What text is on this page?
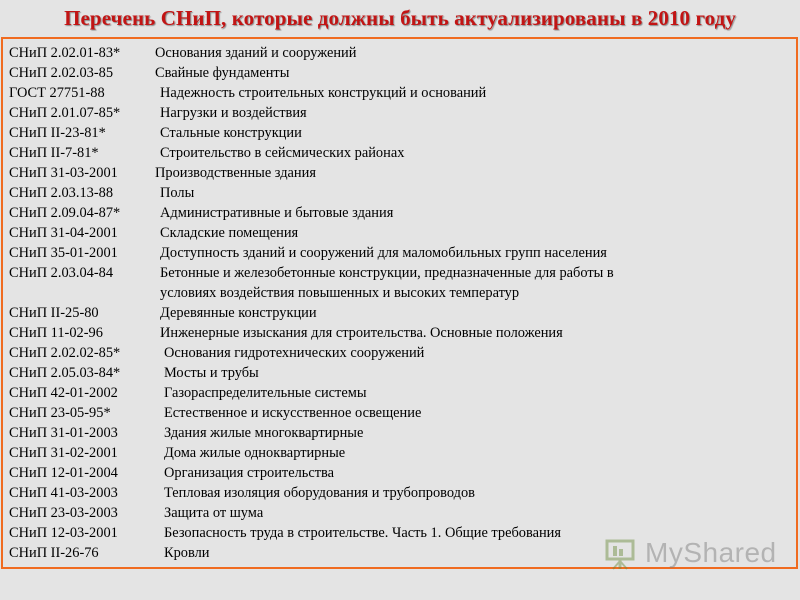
Перечень СНиП, которые должны быть актуализированы в 2010 году
СНиП 2.02.01-83*	Основания зданий и сооружений
СНиП 2.02.03-85	Свайные фундаменты
ГОСТ 27751-88	Надежность строительных конструкций и оснований
СНиП 2.01.07-85*	Нагрузки и воздействия
СНиП II-23-81*	Стальные конструкции
СНиП II-7-81*	Строительство в сейсмических районах
СНиП 31-03-2001	Производственные здания
СНиП 2.03.13-88	Полы
СНиП 2.09.04-87*	Административные и бытовые здания
СНиП 31-04-2001	Складские помещения
СНиП 35-01-2001	Доступность зданий и сооружений для маломобильных групп населения
СНиП 2.03.04-84	Бетонные и железобетонные конструкции, предназначенные для работы в
условиях воздействия повышенных и высоких температур
СНиП II-25-80	Деревянные конструкции
СНиП 11-02-96	Инженерные изыскания для строительства. Основные положения
СНиП 2.02.02-85*	Основания гидротехнических сооружений
СНиП 2.05.03-84*	Мосты и трубы
СНиП 42-01-2002	Газораспределительные системы
СНиП 23-05-95*	Естественное и искусственное освещение
СНиП 31-01-2003	Здания жилые многоквартирные
СНиП 31-02-2001	Дома жилые одноквартирные
СНиП 12-01-2004	Организация строительства
СНиП 41-03-2003	Тепловая изоляция оборудования и трубопроводов
СНиП 23-03-2003	Защита от шума
СНиП 12-03-2001	Безопасность труда в строительстве. Часть 1. Общие требования
СНиП II-26-76	Кровли	MyShared
